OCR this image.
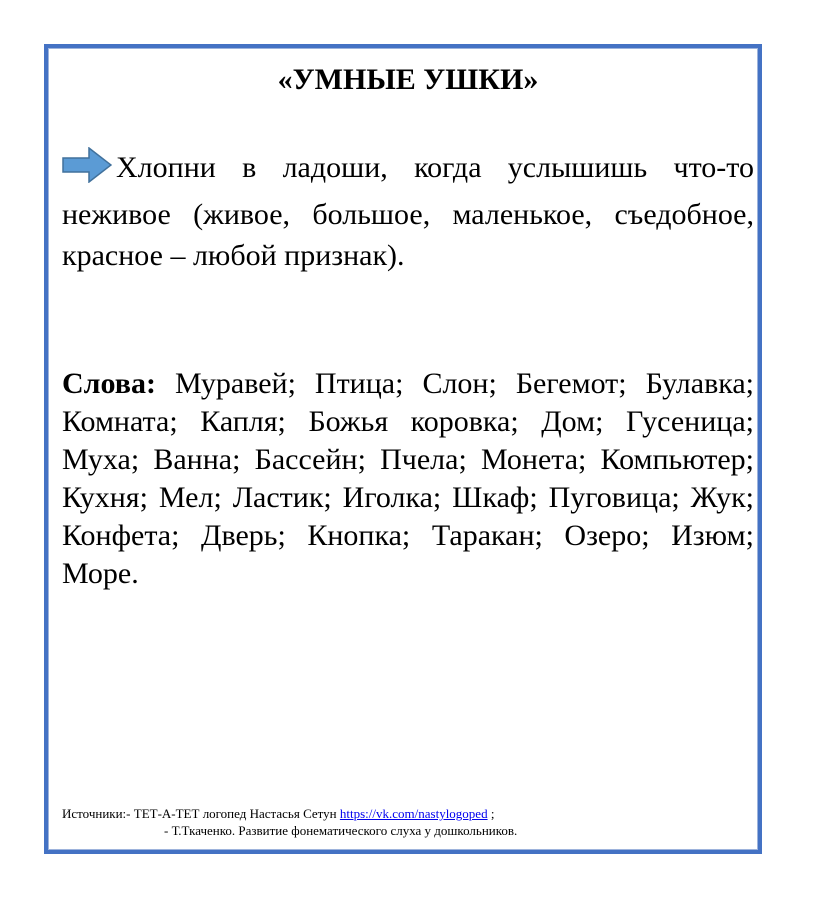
«УМНЫЕ УШКИ»

Хлопни в ладоши, когда услышишь что-то неживое (живое, большое, маленькое, съедобное, красное – любой признак).

Слова: Муравей; Птица; Слон; Бегемот; Булавка; Комната; Капля; Божья коровка; Дом; Гусеница; Муха; Ванна; Бассейн; Пчела; Монета; Компьютер; Кухня; Мел; Ластик; Иголка; Шкаф; Пуговица; Жук; Конфета; Дверь; Кнопка; Таракан; Озеро; Изюм; Море.

Источники:- ТЕТ-А-ТЕТ логопед Настасья Сетун https://vk.com/nastylogoped ;
- Т.Ткаченко. Развитие фонематического слуха у дошкольников.
